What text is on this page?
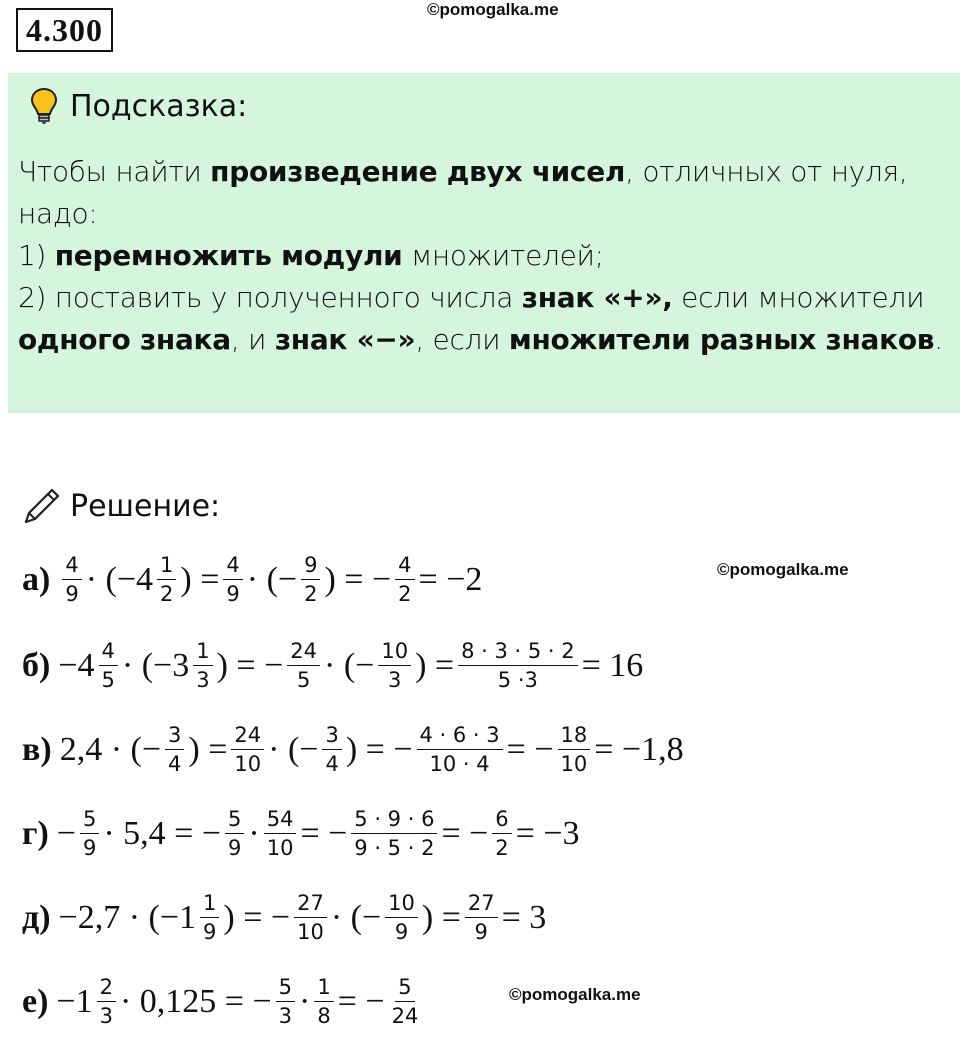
4.300
©pomogalka.me
Подсказка:
Чтобы найти произведение двух чисел, отличных от нуля,
надо:
1) перемножить модули множителей;
2) поставить у полученного числа знак «+», если множители
одного знака, и знак «−», если множители разных знаков.
Решение:
©pomogalka.me
$а) \frac{4}{9} \cdot (-4 \frac{1}{2}$ ) = $\frac{4}{9}$ · (− $\frac{9}{2}$ ) = − $\frac{4}{2} = -2$
$б) -4 \frac{4}{5} \cdot (-3 \frac{1}{3}$ ) = − $\frac{24}{5}$ · (− $\frac{10}{3}$ ) = $\frac{8 \cdot 3 \cdot 5 \cdot 2}{5 \cdot 3} = 16$
в) 2,4 · (− $\frac{3}{4}$ ) = $\frac{24}{10}$ · (− $\frac{3}{4}$ ) = − $\frac{4 \cdot 6 \cdot 3}{10 \cdot 4}$ = − $\frac{18}{10} = -1,8$
$г) - \frac{5}{9} \cdot 5,4$ = − $\frac{5}{9} \cdot \frac{54}{10}$ = − $\frac{5 \cdot 9 \cdot 6}{9 \cdot 5 \cdot 2}$ = − $\frac{6}{2} = -3$
$д) -2,7 \cdot (-1 \frac{1}{9}$ ) = − $\frac{27}{10}$ · (− $\frac{10}{9}$ ) = $\frac{27}{9} = 3$
$е) -1 \frac{2}{3} \cdot 0,125$ = − $\frac{5}{3} \cdot \frac{1}{8}$ = − $\frac{5}{24}$	©pomogalka.me
